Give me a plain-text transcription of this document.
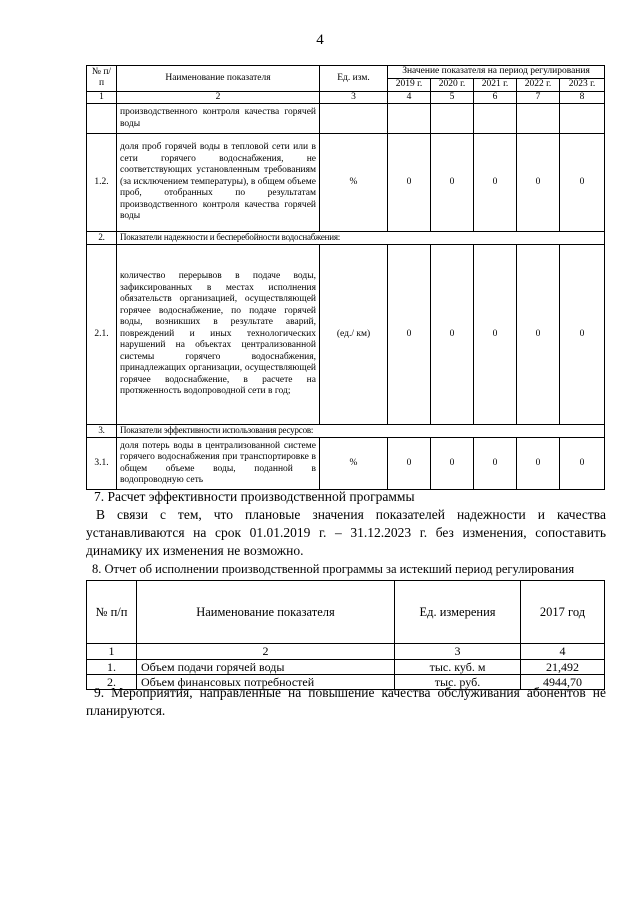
4
№ п/п	Наименование показателя	Ед. изм.	Значение показателя на период регулирования				
			2019 г.	2020 г.	2021 г.	2022 г.	2023 г.
1	2	3	4	5	6	7	8
	производственного контроля качества горячей воды						
1.2.	доля проб горячей воды в тепловой сети или в сети горячего водоснабжения, не соответствующих установленным требованиям (за исключением температуры), в общем объеме проб, отобранных по результатам производственного контроля качества горячей воды	%	0	0	0	0	0
2.	Показатели надежности и бесперебойности водоснабжения:						
2.1.	количество перерывов в подаче воды, зафиксированных в местах исполнения обязательств организацией, осуществляющей горячее водоснабжение, по подаче горячей воды, возникших в результате аварий, повреждений и иных технологических нарушений на объектах централизованной системы горячего водоснабжения, принадлежащих организации, осуществляющей горячее водоснабжение, в расчете на протяженность водопроводной сети в год;	(ед./ км)	0	0	0	0	0
3.	Показатели эффективности использования ресурсов:						
3.1.	доля потерь воды в централизованной системе горячего водоснабжения при транспортировке в общем объеме воды, поданной в водопроводную сеть	%	0	0	0	0	0
7. Расчет эффективности производственной программы
В связи с тем, что плановые значения показателей надежности и качества устанавливаются на срок 01.01.2019 г. – 31.12.2023 г. без изменения, сопоставить динамику их изменения не возможно.
8. Отчет об исполнении производственной программы за истекший период регулирования
№ п/п	Наименование показателя	Ед. измерения	2017 год
1	2	3	4
1.	Объем подачи горячей воды	тыс. куб. м	21,492
2.	Объем финансовых потребностей	тыс. руб.	4944,70
9. Мероприятия, направленные на повышение качества обслуживания абонентов не планируются.
